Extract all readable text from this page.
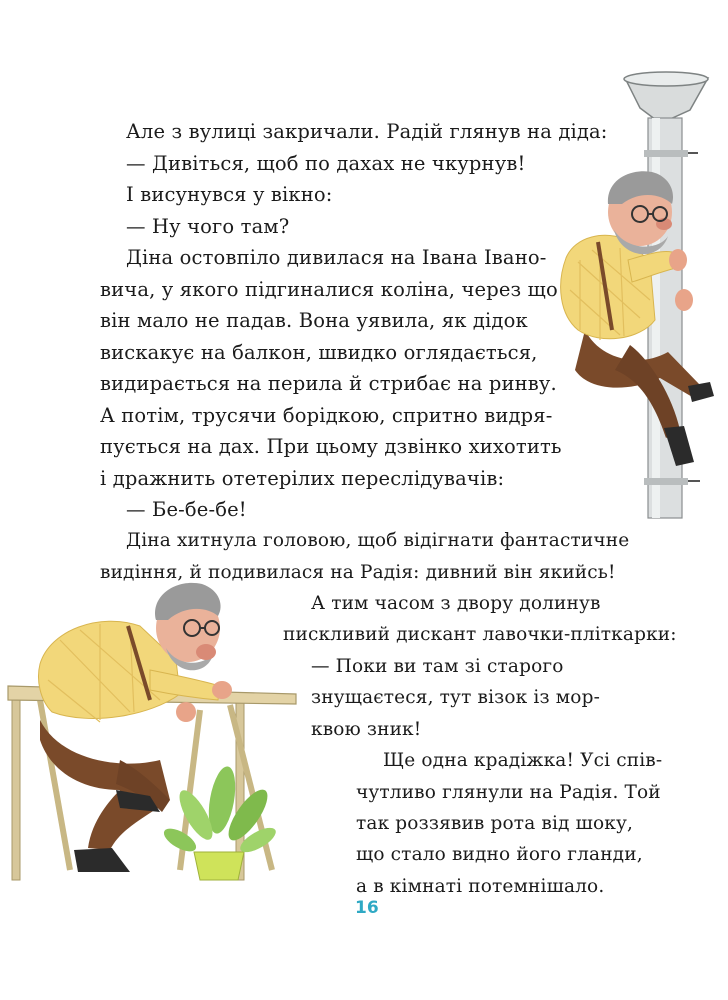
Але з вулиці закричали. Радій глянув на діда:
— Дивіться, щоб по дахах не чкурнув!
І висунувся у вікно:
— Ну чого там?
Діна остовпіло дивилася на Івана Івано-
вича, у якого підгиналися коліна, через що
він мало не падав. Вона уявила, як дідок
вискакує на балкон, швидко оглядається,
видирається на перила й стрибає на ринву.
А потім, трусячи борідкою, спритно видря-
пується на дах. При цьому дзвінко хихотить
і дражнить отетерілих переслідувачів:
— Бе-бе-бе!
Діна хитнула головою, щоб відігнати фантастичне
видіння, й подивилася на Радія: дивний він якийсь!
А тим часом з двору долинув
пискливий дискант лавочки-пліткарки:
— Поки ви там зі старого
знущаєтеся, тут візок із мор-
квою зник!
Ще одна крадіжка! Усі спів-
чутливо глянули на Радія. Той
так роззявив рота від шоку,
що стало видно його гланди,
а в кімнаті потемнішало.
16
